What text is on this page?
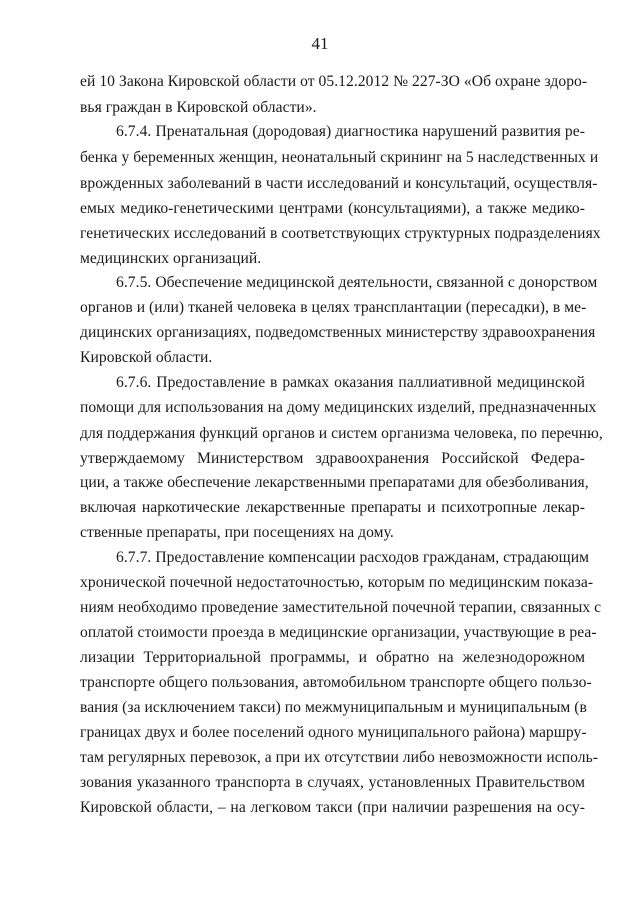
41
ей 10 Закона Кировской области от 05.12.2012 № 227-ЗО «Об охране здоро-
вья граждан в Кировской области».
6.7.4. Пренатальная (дородовая) диагностика нарушений развития ре-
бенка у беременных женщин, неонатальный скрининг на 5 наследственных и
врожденных заболеваний в части исследований и консультаций, осуществля-
емых медико-генетическими центрами (консультациями), а также медико-
генетических исследований в соответствующих структурных подразделениях
медицинских организаций.
6.7.5. Обеспечение медицинской деятельности, связанной с донорством
органов и (или) тканей человека в целях трансплантации (пересадки), в ме-
дицинских организациях, подведомственных министерству здравоохранения
Кировской области.
6.7.6. Предоставление в рамках оказания паллиативной медицинской
помощи для использования на дому медицинских изделий, предназначенных
для поддержания функций органов и систем организма человека, по перечню,
утверждаемому Министерством здравоохранения Российской Федера-
ции, а также обеспечение лекарственными препаратами для обезболивания,
включая наркотические лекарственные препараты и психотропные лекар-
ственные препараты, при посещениях на дому.
6.7.7. Предоставление компенсации расходов гражданам, страдающим
хронической почечной недостаточностью, которым по медицинским показа-
ниям необходимо проведение заместительной почечной терапии, связанных с
оплатой стоимости проезда в медицинские организации, участвующие в реа-
лизации Территориальной программы, и обратно на железнодорожном
транспорте общего пользования, автомобильном транспорте общего пользо-
вания (за исключением такси) по межмуниципальным и муниципальным (в
границах двух и более поселений одного муниципального района) маршру-
там регулярных перевозок, а при их отсутствии либо невозможности исполь-
зования указанного транспорта в случаях, установленных Правительством
Кировской области, – на легковом такси (при наличии разрешения на осу-
